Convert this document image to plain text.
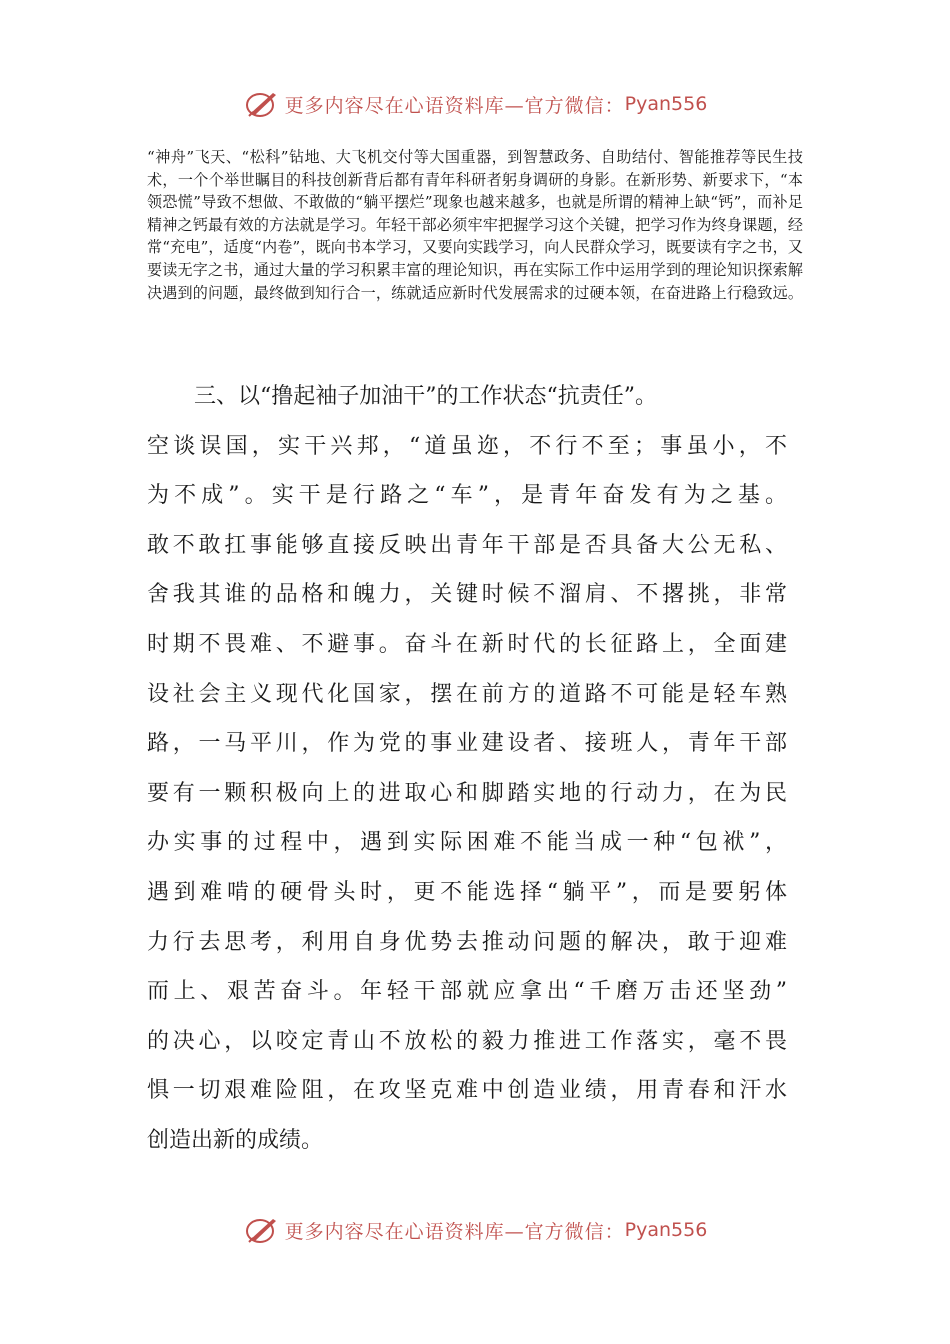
更多内容尽在心语资料库—官方微信： Pyan556

“神舟”飞天、“松科”钻地、大飞机交付等大国重器，到智慧政务、自助结付、智能推荐等民生技术，一个个举世瞩目的科技创新背后都有青年科研者躬身调研的身影。在新形势、新要求下，“本领恐慌”导致不想做、不敢做的“躺平摆烂”现象也越来越多，也就是所谓的精神上缺“钙”，而补足精神之钙最有效的方法就是学习。年轻干部必须牢牢把握学习这个关键，把学习作为终身课题，经常“充电”，适度“内卷”，既向书本学习，又要向实践学习，向人民群众学习，既要读有字之书，又要读无字之书，通过大量的学习积累丰富的理论知识，再在实际工作中运用学到的理论知识探索解决遇到的问题，最终做到知行合一，练就适应新时代发展需求的过硬本领，在奋进路上行稳致远。

三、以“撸起袖子加油干”的工作状态“抗责任”。
空谈误国，实干兴邦，“道虽迩，不行不至；事虽小，不
为不成”。实干是行路之“车”，是青年奋发有为之基。
敢不敢扛事能够直接反映出青年干部是否具备大公无私、
舍我其谁的品格和魄力，关键时候不溜肩、不撂挑，非常
时期不畏难、不避事。奋斗在新时代的长征路上，全面建
设社会主义现代化国家，摆在前方的道路不可能是轻车熟
路，一马平川，作为党的事业建设者、接班人，青年干部
要有一颗积极向上的进取心和脚踏实地的行动力，在为民
办实事的过程中，遇到实际困难不能当成一种“包袱”，
遇到难啃的硬骨头时，更不能选择“躺平”，而是要躬体
力行去思考，利用自身优势去推动问题的解决，敢于迎难
而上、艰苦奋斗。年轻干部就应拿出“千磨万击还坚劲”
的决心，以咬定青山不放松的毅力推进工作落实，毫不畏
惧一切艰难险阻，在攻坚克难中创造业绩，用青春和汗水
创造出新的成绩。
更多内容尽在心语资料库—官方微信： Pyan556
